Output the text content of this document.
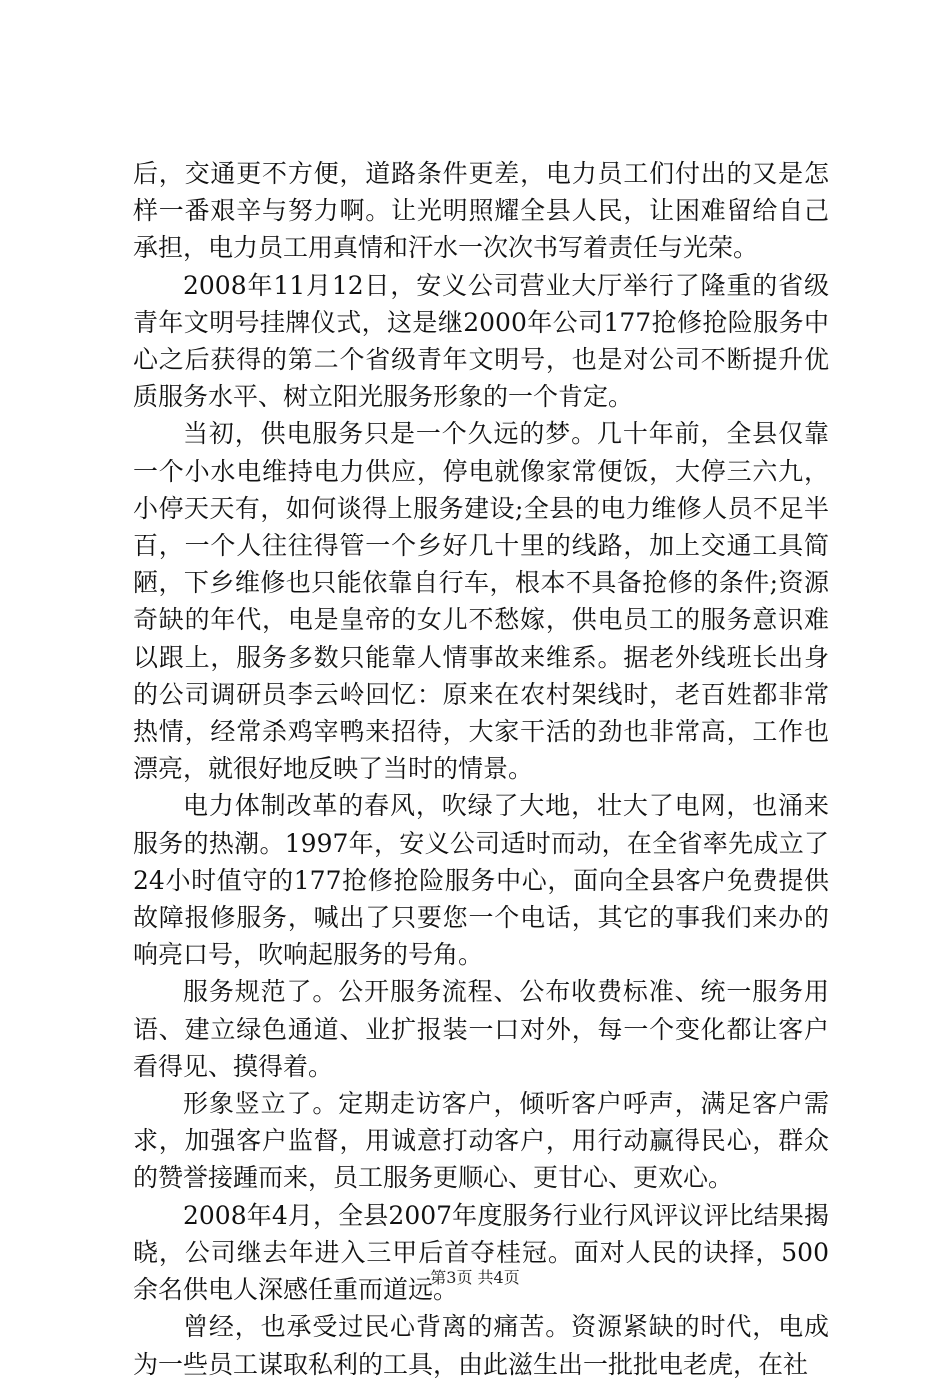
后，交通更不方便，道路条件更差，电力员工们付出的又是怎样一番艰辛与努力啊。让光明照耀全县人民，让困难留给自己承担，电力员工用真情和汗水一次次书写着责任与光荣。

2008年11月12日，安义公司营业大厅举行了隆重的省级青年文明号挂牌仪式，这是继2000年公司177抢修抢险服务中心之后获得的第二个省级青年文明号，也是对公司不断提升优质服务水平、树立阳光服务形象的一个肯定。

当初，供电服务只是一个久远的梦。几十年前，全县仅靠一个小水电维持电力供应，停电就像家常便饭，大停三六九，小停天天有，如何谈得上服务建设;全县的电力维修人员不足半百，一个人往往得管一个乡好几十里的线路，加上交通工具简陋，下乡维修也只能依靠自行车，根本不具备抢修的条件;资源奇缺的年代，电是皇帝的女儿不愁嫁，供电员工的服务意识难以跟上，服务多数只能靠人情事故来维系。据老外线班长出身的公司调研员李云岭回忆：原来在农村架线时，老百姓都非常热情，经常杀鸡宰鸭来招待，大家干活的劲也非常高，工作也漂亮，就很好地反映了当时的情景。

电力体制改革的春风，吹绿了大地，壮大了电网，也涌来服务的热潮。1997年，安义公司适时而动，在全省率先成立了24小时值守的177抢修抢险服务中心，面向全县客户免费提供故障报修服务，喊出了只要您一个电话，其它的事我们来办的响亮口号，吹响起服务的号角。

服务规范了。公开服务流程、公布收费标准、统一服务用语、建立绿色通道、业扩报装一口对外，每一个变化都让客户看得见、摸得着。

形象竖立了。定期走访客户，倾听客户呼声，满足客户需求，加强客户监督，用诚意打动客户，用行动赢得民心，群众的赞誉接踵而来，员工服务更顺心、更甘心、更欢心。

2008年4月，全县2007年度服务行业行风评议评比结果揭晓，公司继去年进入三甲后首夺桂冠。面对人民的诀择，500余名供电人深感任重而道远。

曾经，也承受过民心背离的痛苦。资源紧缺的时代，电成为一些员工谋取私利的工具，由此滋生出一批批电老虎，在社

第3页 共4页
